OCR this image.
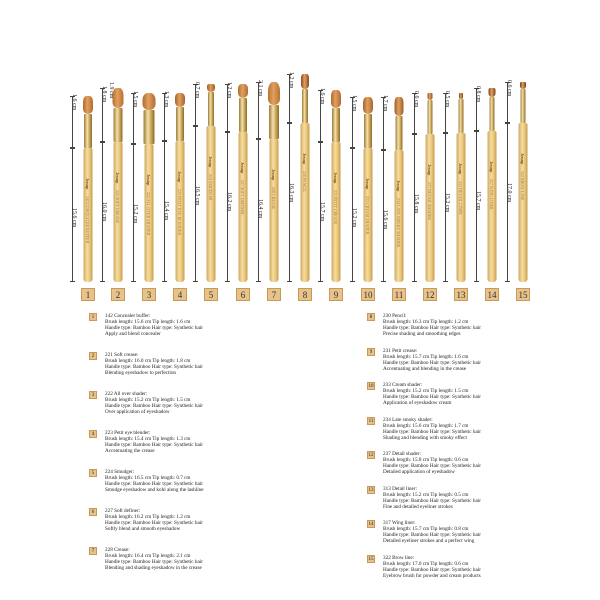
Jessup
142 CONCEALER BUFFER
1.6 cm
15.6 cm
1
Jessup
221 SOFT CREASE
1.8 cm 1.9 cm
16.0 cm
2
Jessup
222 ALL OVER SHADER
1.5 cm
15.2 cm
3
Jessup
223 PETIT EYE BLENDER
1.3 cm
15.4 cm
4
Jessup
224 SMUDGER
0.7 cm
16.5 cm
5
Jessup
227 SOFT DEFINER
1.2 cm
16.2 cm
6
Jessup
228 CREASE
2.1 cm
16.4 cm
7
Jessup
230 PENCIL
1.2 cm
16.3 cm
8
Jessup
231 PETIT CREASE
1.6 cm
15.7 cm
9
Jessup
233 CREAM SHADER
1.5 cm
15.2 cm
10
Jessup
234 LATE SMOKY SHADER
1.7 cm
15.6 cm
11
Jessup
237 DETAIL SHADER
0.6 cm
15.8 cm
12
Jessup
313 DETAIL LINER
0.5 cm
15.2 cm
13
Jessup
317 WING LINER
0.8 cm
15.7 cm
14
Jessup
322 BROW LINE
0.6 cm
17.0 cm
15
1	142 Concealer buffer:
Brush length: 15.6 cm Tip length: 1.6 cm
Handle type: Bamboo Hair type: Synthetic hair
Apply and blend concealer
2	221 Soft crease:
Brush length: 16.0 cm Tip length: 1.8 cm
Handle type: Bamboo Hair type: Synthetic hair
Blending eyeshadow to perfection
3	222 All over shader:
Brush length: 15.2 cm Tip length: 1.5 cm
Handle type: Bamboo Hair type: Synthetic hair
Over application of eyeshadow
4	223 Petit eye blender:
Brush length: 15.4 cm Tip length: 1.3 cm
Handle type: Bamboo Hair type: Synthetic hair
Accentuating the crease
5	224 Smudger:
Brush length: 16.5 cm Tip length: 0.7 cm
Handle type: Bamboo Hair type: Synthetic hair
Smudge eyeshadow and kohl along the lashline
6	227 Soft definer:
Brush length: 16.2 cm Tip length: 1.2 cm
Handle type: Bamboo Hair type: Synthetic hair
Softly blend and smooth eyeshadow
7	228 Crease:
Brush length: 16.4 cm Tip length: 2.1 cm
Handle type: Bamboo Hair type: Synthetic hair
Blending and shading eyeshadow in the crease
8	230 Pencil:
Brush length: 16.3 cm Tip length: 1.2 cm
Handle type: Bamboo Hair type: Synthetic hair
Precise shading and smoothing edges
9	231 Petit crease:
Brush length: 15.7 cm Tip length: 1.6 cm
Handle type: Bamboo Hair type: Synthetic hair
Accentuating and blending in the crease
10 233 Cream shader:
Brush length: 15.2 cm Tip length: 1.5 cm
Handle type: Bamboo Hair type: Synthetic hair
Application of eyeshadow cream
11	234 Late smoky shader:
Brush length: 15.6 cm Tip length: 1.7 cm
Handle type: Bamboo Hair type: Synthetic hair
Shading and blending with smoky effect
12 237 Detail shader:
Brush length: 15.8 cm Tip length: 0.6 cm
Handle type: Bamboo Hair type: Synthetic hair
Detailed application of eyeshadow
13 313 Detail liner:
Brush length: 15.2 cm Tip length: 0.5 cm
Handle type: Bamboo Hair type: Synthetic hair
Fine and detailed eyeliner strokes
14 317 Wing liner:
Brush length: 15.7 cm Tip length: 0.8 cm
Handle type: Bamboo Hair type: Synthetic hair
Detailed eyeliner strokes and a perfect wing
15 322 Brow line:
Brush length: 17.0 cm Tip length: 0.6 cm
Handle type: Bamboo Hair type: Synthetic hair
Eyebrow brush for powder and cream products
